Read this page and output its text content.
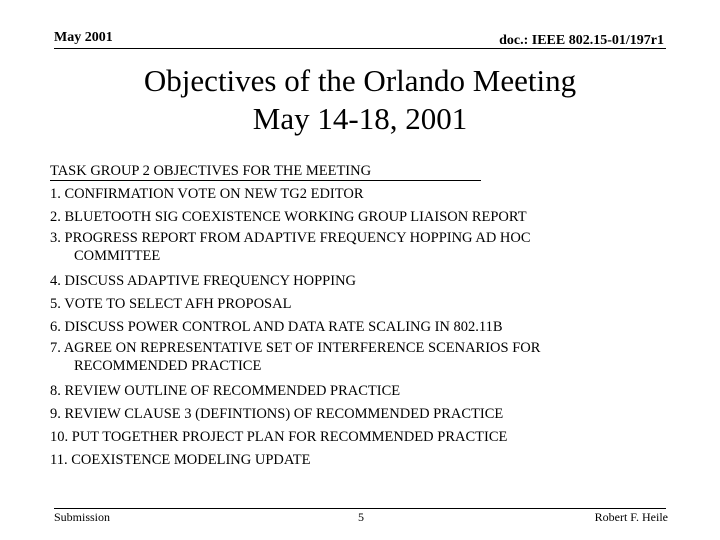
May 2001	doc.: IEEE 802.15-01/197r1
Objectives of the Orlando Meeting
May 14-18, 2001
TASK GROUP 2 OBJECTIVES FOR THE MEETING
1. CONFIRMATION VOTE ON NEW TG2 EDITOR
2. BLUETOOTH SIG COEXISTENCE WORKING GROUP LIAISON REPORT
3. PROGRESS REPORT FROM ADAPTIVE FREQUENCY HOPPING AD HOC
COMMITTEE
4. DISCUSS ADAPTIVE FREQUENCY HOPPING
5. VOTE TO SELECT AFH PROPOSAL
6. DISCUSS POWER CONTROL AND DATA RATE SCALING IN 802.11B
7. AGREE ON REPRESENTATIVE SET OF INTERFERENCE SCENARIOS FOR
RECOMMENDED PRACTICE
8. REVIEW OUTLINE OF RECOMMENDED PRACTICE
9. REVIEW CLAUSE 3 (DEFINTIONS) OF RECOMMENDED PRACTICE
10. PUT TOGETHER PROJECT PLAN FOR RECOMMENDED PRACTICE
11. COEXISTENCE MODELING UPDATE
Submission	5	Robert F. Heile
